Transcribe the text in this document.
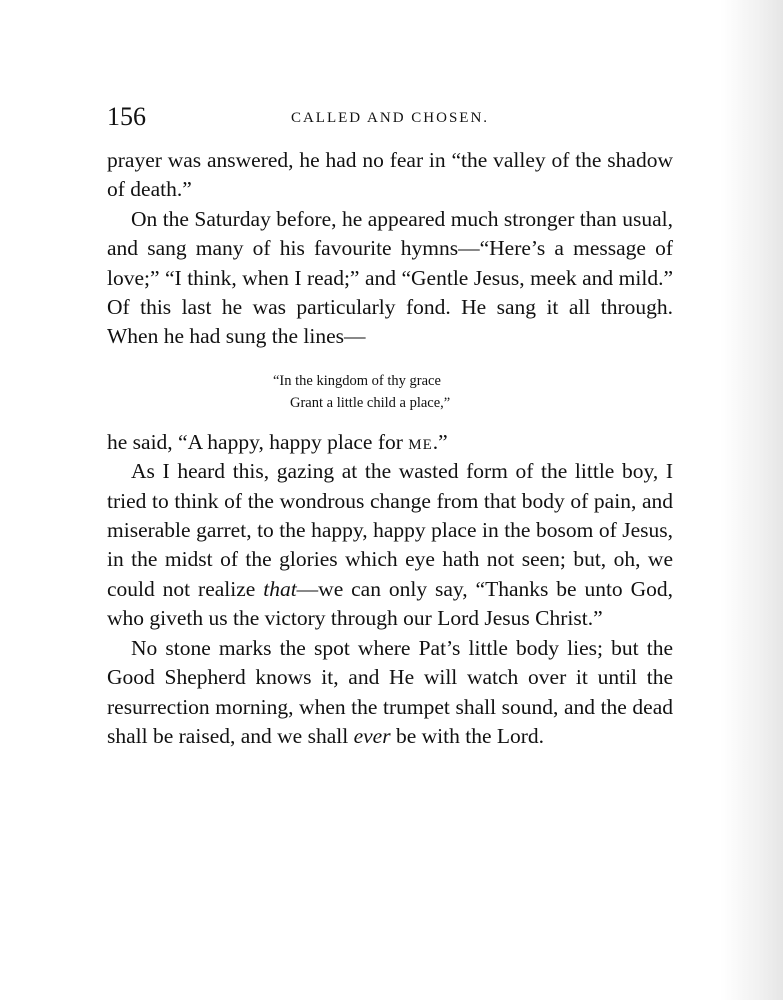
156	CALLED AND CHOSEN.

prayer was answered, he had no fear in “the valley of the shadow of death.”

On the Saturday before, he appeared much stronger than usual, and sang many of his favourite hymns—“Here’s a message of love;” “I think, when I read;” and “Gentle Jesus, meek and mild.” Of this last he was particularly fond. He sang it all through. When he had sung the lines—

“In the kingdom of thy grace
Grant a little child a place,”

he said, “A happy, happy place for me.”

As I heard this, gazing at the wasted form of the little boy, I tried to think of the wondrous change from that body of pain, and miserable garret, to the happy, happy place in the bosom of Jesus, in the midst of the glories which eye hath not seen; but, oh, we could not realize that—we can only say, “Thanks be unto God, who giveth us the victory through our Lord Jesus Christ.”

No stone marks the spot where Pat’s little body lies; but the Good Shepherd knows it, and He will watch over it until the resurrection morning, when the trumpet shall sound, and the dead shall be raised, and we shall ever be with the Lord.
